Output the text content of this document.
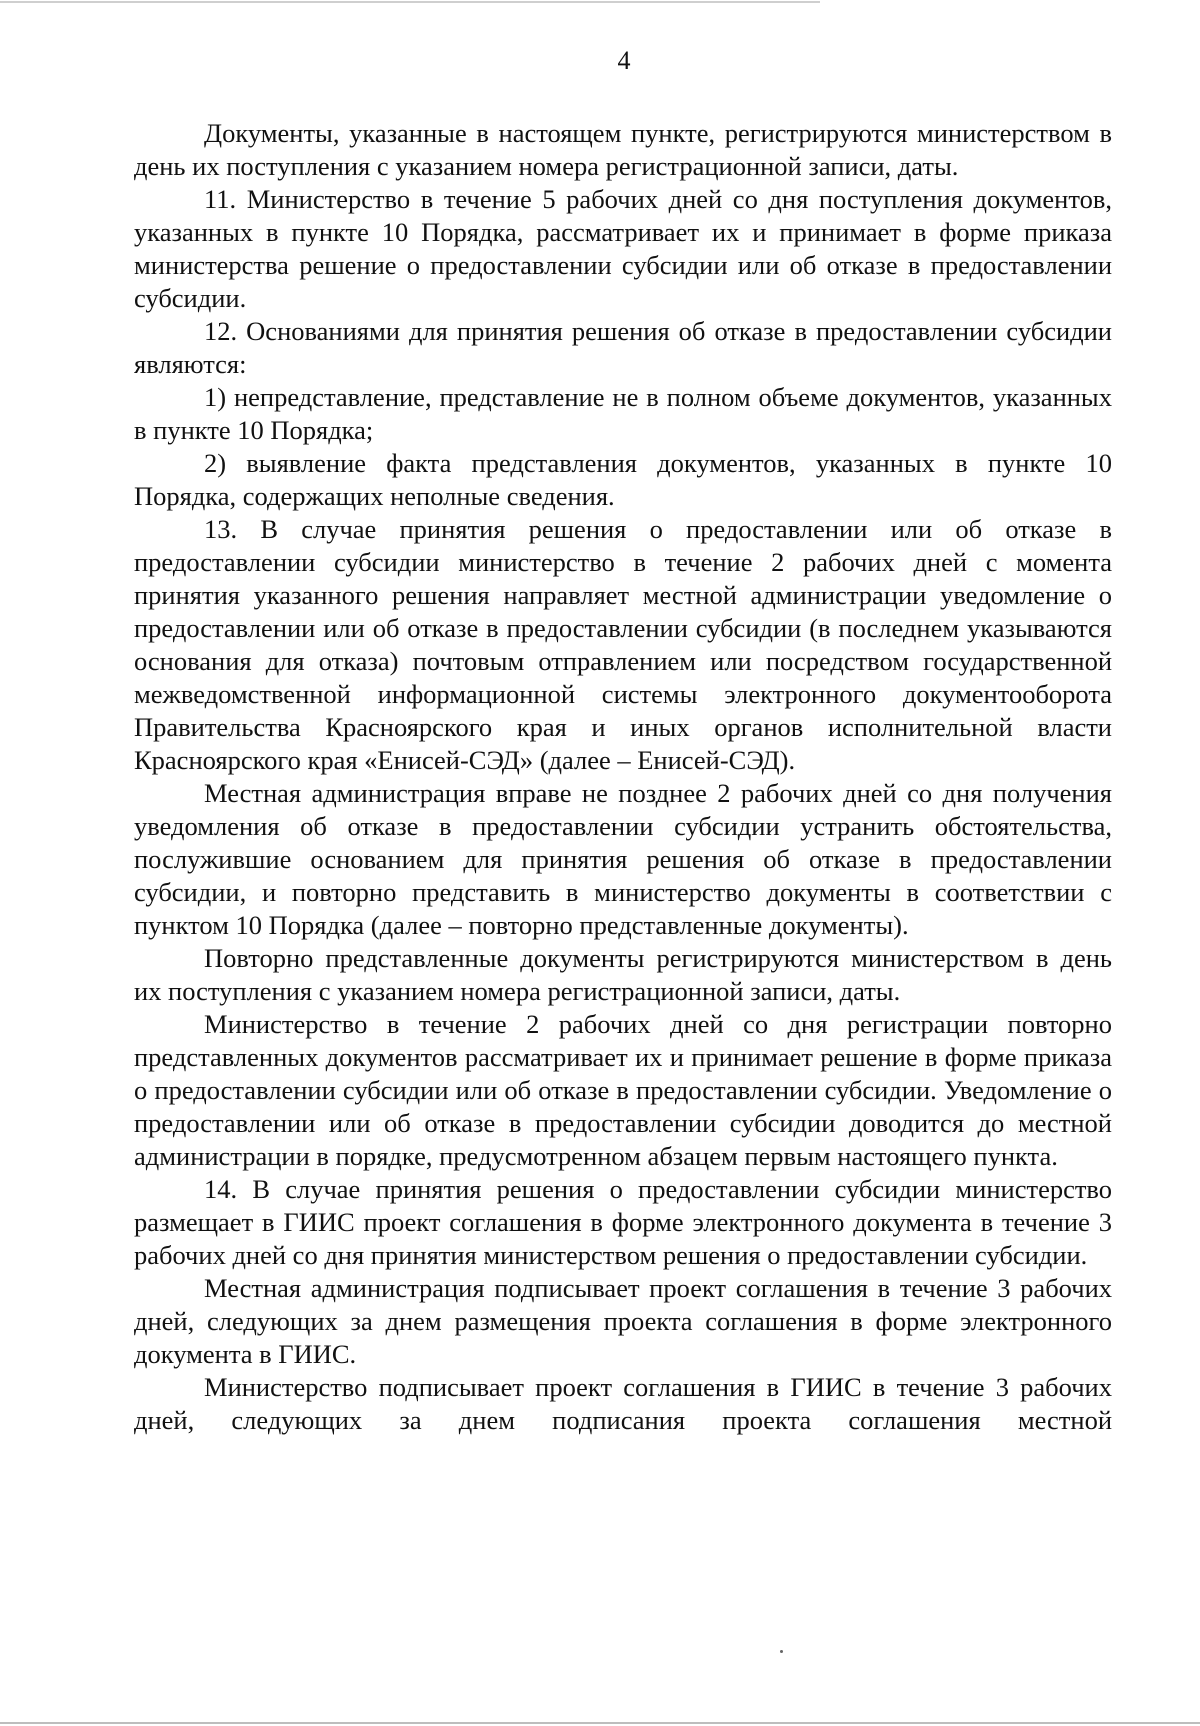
4

Документы, указанные в настоящем пункте, регистрируются министерством в день их поступления с указанием номера регистрационной записи, даты.

11. Министерство в течение 5 рабочих дней со дня поступления документов, указанных в пункте 10 Порядка, рассматривает их и принимает в форме приказа министерства решение о предоставлении субсидии или об отказе в предоставлении субсидии.

12. Основаниями для принятия решения об отказе в предоставлении субсидии являются:

1) непредставление, представление не в полном объеме документов, указанных в пункте 10 Порядка;

2) выявление факта представления документов, указанных в пункте 10 Порядка, содержащих неполные сведения.

13. В случае принятия решения о предоставлении или об отказе в предоставлении субсидии министерство в течение 2 рабочих дней с момента принятия указанного решения направляет местной администрации уведомление о предоставлении или об отказе в предоставлении субсидии (в последнем указываются основания для отказа) почтовым отправлением или посредством государственной межведомственной информационной системы электронного документооборота Правительства Красноярского края и иных органов исполнительной власти Красноярского края «Енисей-СЭД» (далее – Енисей-СЭД).

Местная администрация вправе не позднее 2 рабочих дней со дня получения уведомления об отказе в предоставлении субсидии устранить обстоятельства, послужившие основанием для принятия решения об отказе в предоставлении субсидии, и повторно представить в министерство документы в соответствии с пунктом 10 Порядка (далее – повторно представленные документы).

Повторно представленные документы регистрируются министерством в день их поступления с указанием номера регистрационной записи, даты.

Министерство в течение 2 рабочих дней со дня регистрации повторно представленных документов рассматривает их и принимает решение в форме приказа о предоставлении субсидии или об отказе в предоставлении субсидии. Уведомление о предоставлении или об отказе в предоставлении субсидии доводится до местной администрации в порядке, предусмотренном абзацем первым настоящего пункта.

14. В случае принятия решения о предоставлении субсидии министерство размещает в ГИИС проект соглашения в форме электронного документа в течение 3 рабочих дней со дня принятия министерством решения о предоставлении субсидии.

Местная администрация подписывает проект соглашения в течение 3 рабочих дней, следующих за днем размещения проекта соглашения в форме электронного документа в ГИИС.

Министерство подписывает проект соглашения в ГИИС в течение 3 рабочих дней, следующих за днем подписания проекта соглашения местной
